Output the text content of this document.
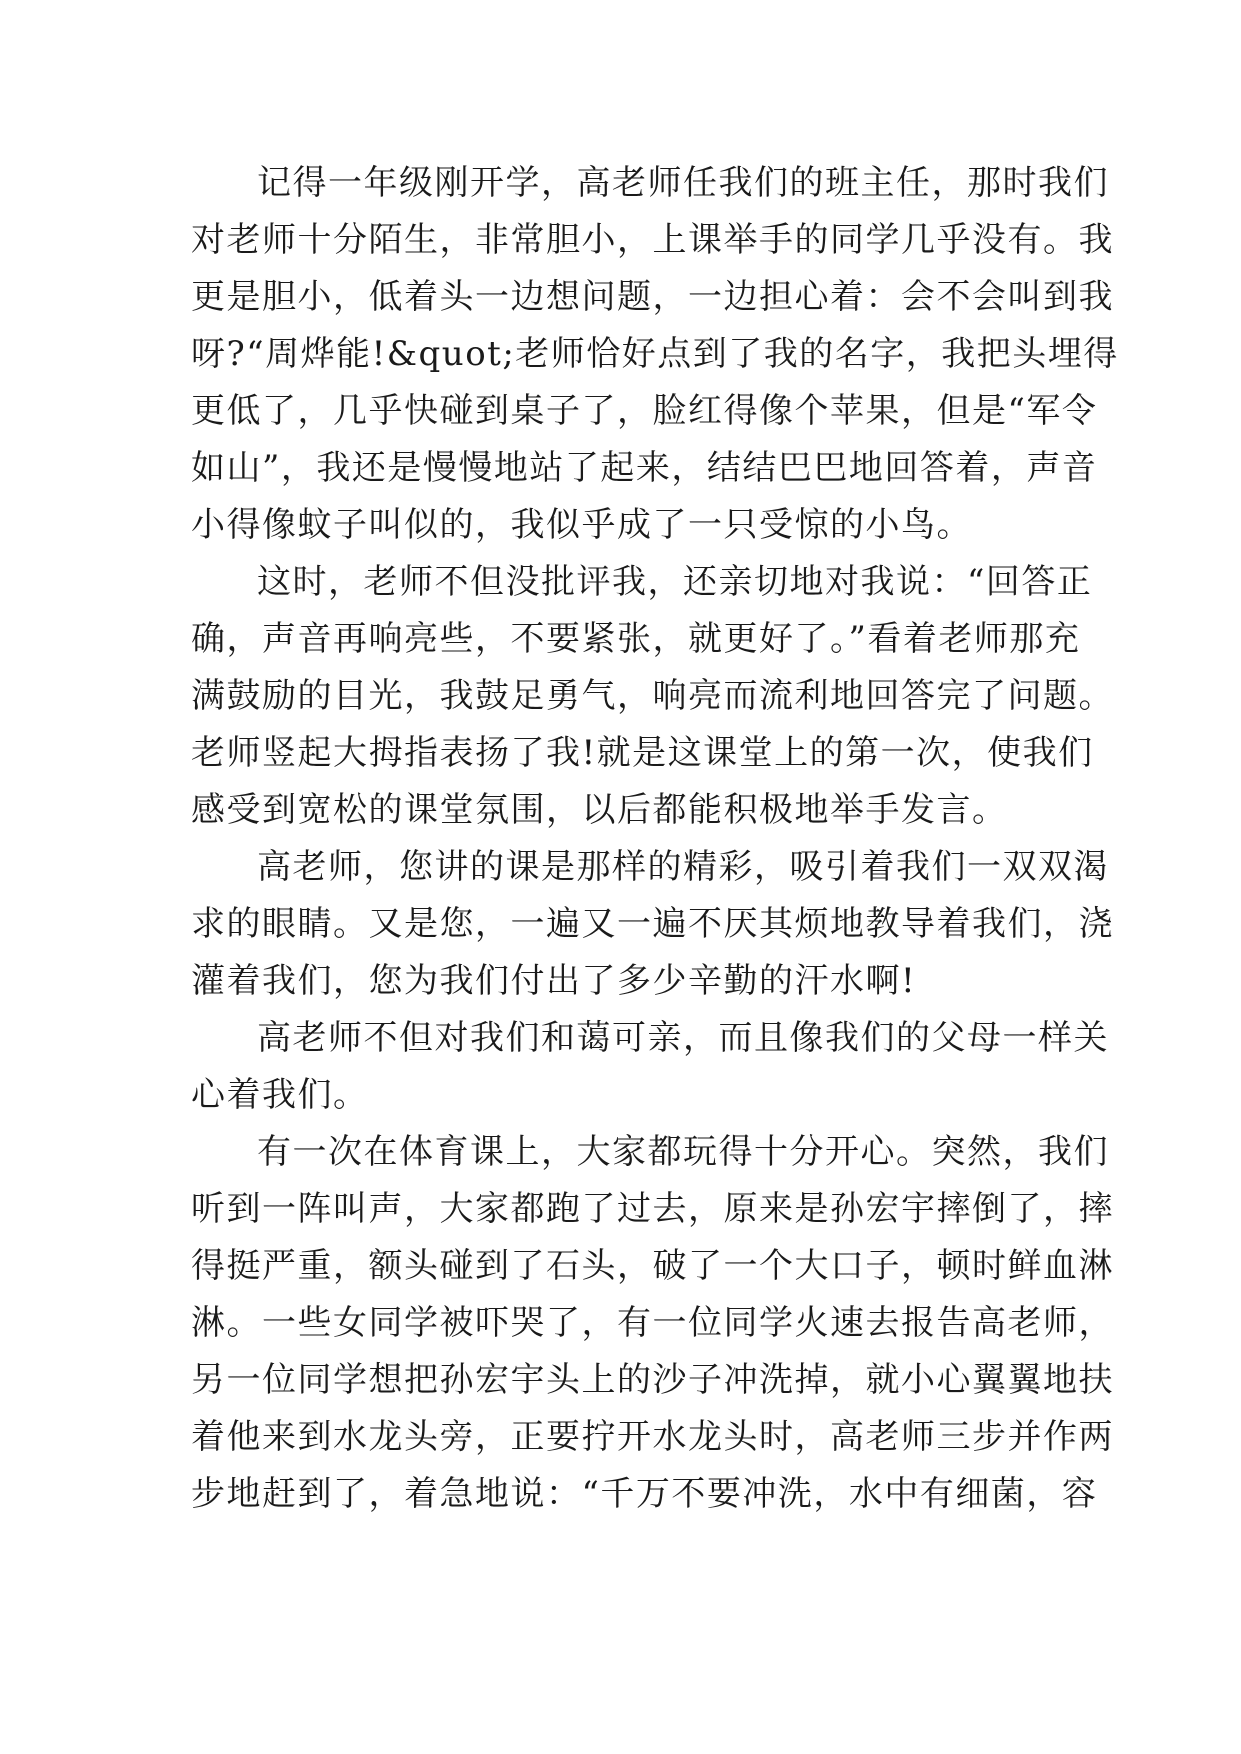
记得一年级刚开学，高老师任我们的班主任，那时我们
对老师十分陌生，非常胆小，上课举手的同学几乎没有。我
更是胆小，低着头一边想问题，一边担心着：会不会叫到我
呀?“周烨能!&quot;老师恰好点到了我的名字，我把头埋得
更低了，几乎快碰到桌子了，脸红得像个苹果，但是“军令
如山”，我还是慢慢地站了起来，结结巴巴地回答着，声音
小得像蚊子叫似的，我似乎成了一只受惊的小鸟。
这时，老师不但没批评我，还亲切地对我说：“回答正
确，声音再响亮些，不要紧张，就更好了。”看着老师那充
满鼓励的目光，我鼓足勇气，响亮而流利地回答完了问题。
老师竖起大拇指表扬了我!就是这课堂上的第一次，使我们
感受到宽松的课堂氛围，以后都能积极地举手发言。
高老师，您讲的课是那样的精彩，吸引着我们一双双渴
求的眼睛。又是您，一遍又一遍不厌其烦地教导着我们，浇
灌着我们，您为我们付出了多少辛勤的汗水啊!
高老师不但对我们和蔼可亲，而且像我们的父母一样关
心着我们。
有一次在体育课上，大家都玩得十分开心。突然，我们
听到一阵叫声，大家都跑了过去，原来是孙宏宇摔倒了，摔
得挺严重，额头碰到了石头，破了一个大口子，顿时鲜血淋
淋。一些女同学被吓哭了，有一位同学火速去报告高老师，
另一位同学想把孙宏宇头上的沙子冲洗掉，就小心翼翼地扶
着他来到水龙头旁，正要拧开水龙头时，高老师三步并作两
步地赶到了，着急地说：“千万不要冲洗，水中有细菌，容
